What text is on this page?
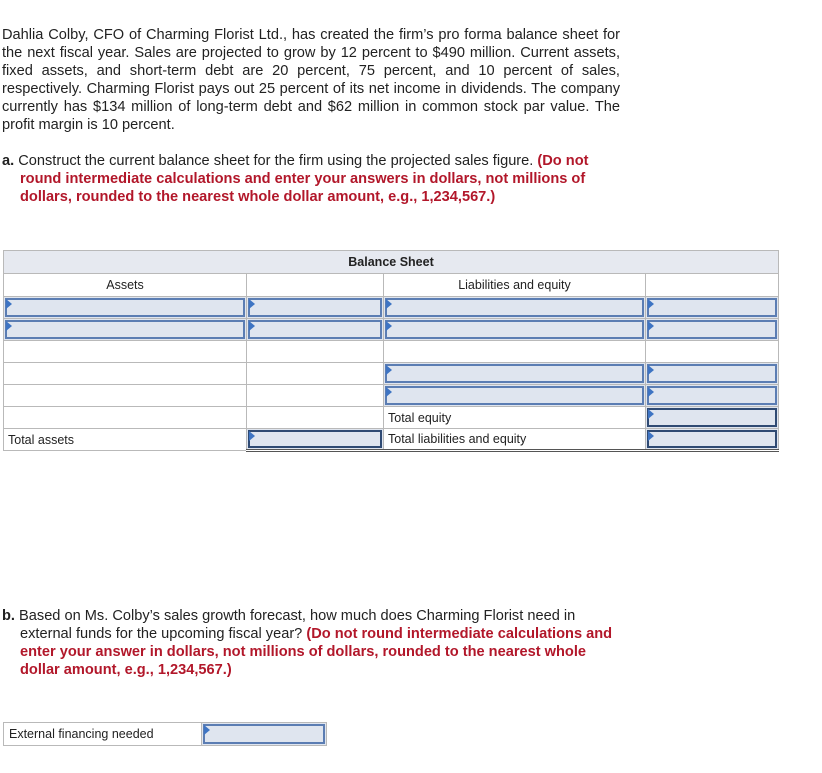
Dahlia Colby, CFO of Charming Florist Ltd., has created the firm’s pro forma balance sheet for the next fiscal year. Sales are projected to grow by 12 percent to $490 million. Current assets, fixed assets, and short-term debt are 20 percent, 75 percent, and 10 percent of sales, respectively. Charming Florist pays out 25 percent of its net income in dividends. The company currently has $134 million of long-term debt and $62 million in common stock par value. The profit margin is 10 percent.
a. Construct the current balance sheet for the firm using the projected sales figure. (Do not round intermediate calculations and enter your answers in dollars, not millions of dollars, rounded to the nearest whole dollar amount, e.g., 1,234,567.)
Balance Sheet			
Assets		Liabilities and equity	

		Total equity	

Total assets		Total liabilities and equity	
b. Based on Ms. Colby’s sales growth forecast, how much does Charming Florist need in external funds for the upcoming fiscal year? (Do not round intermediate calculations and enter your answer in dollars, not millions of dollars, rounded to the nearest whole dollar amount, e.g., 1,234,567.)
External financing needed	
